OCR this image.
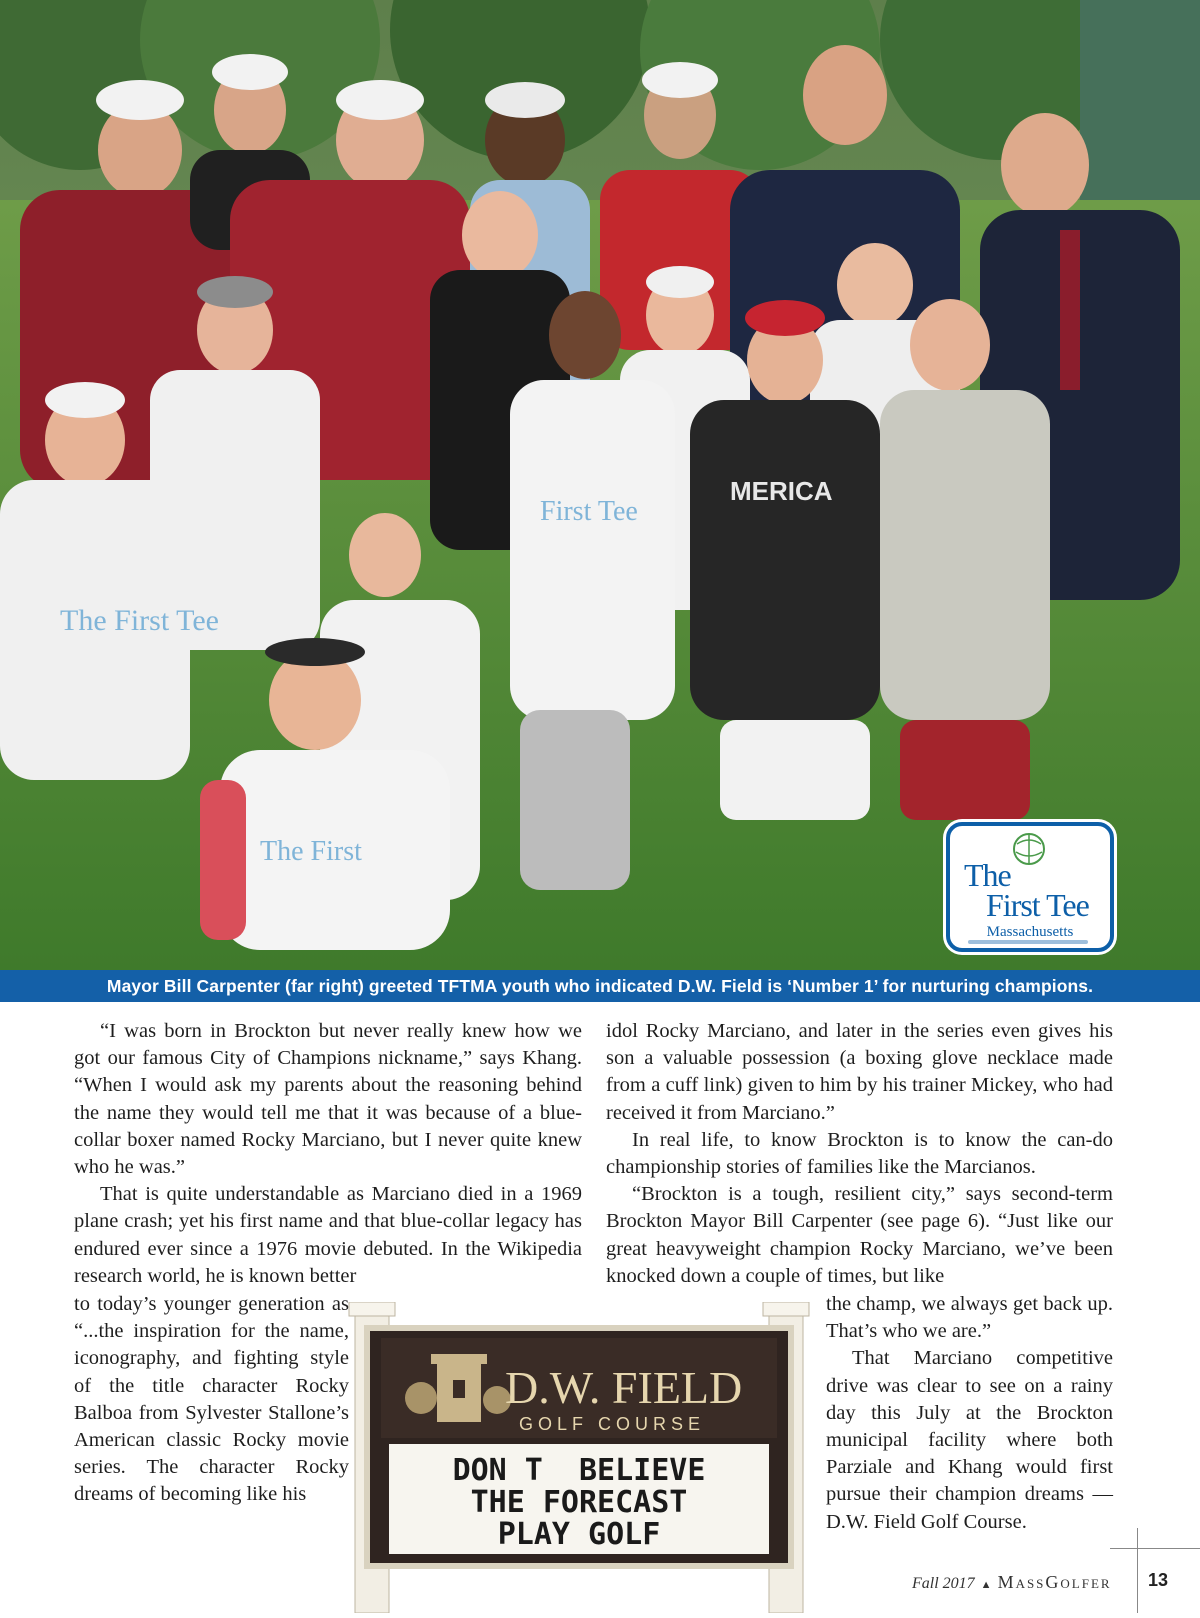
The First Tee
First Tee
The First
MERICA
The
First Tee
Massachusetts
Mayor Bill Carpenter (far right) greeted TFTMA youth who indicated D.W. Field is ‘Number 1’ for nurturing champions.

“I was born in Brockton but never really knew how we got our famous City of Champions nickname,” says Khang. “When I would ask my parents about the reasoning behind the name they would tell me that it was because of a blue-collar boxer named Rocky Marciano, but I never quite knew who he was.”

That is quite understandable as Marciano died in a 1969 plane crash; yet his first name and that blue-collar legacy has endured ever since a 1976 movie debuted. In the Wikipedia research world, he is known better

to today’s younger generation as “...the inspiration for the name, iconography, and fighting style of the title character Rocky Balboa from Sylvester Stallone’s American classic Rocky movie series. The character Rocky dreams of becoming like his

idol Rocky Marciano, and later in the series even gives his son a valuable possession (a boxing glove necklace made from a cuff link) given to him by his trainer Mickey, who had received it from Marciano.”

In real life, to know Brockton is to know the can-do championship stories of families like the Marcianos.

“Brockton is a tough, resilient city,” says second-term Brockton Mayor Bill Carpenter (see page 6). “Just like our great heavyweight champion Rocky Marciano, we’ve been knocked down a couple of times, but like

the champ, we always get back up. That’s who we are.”

That Marciano competitive drive was clear to see on a rainy day this July at the Brockton municipal facility where both Parziale and Khang would first pursue their champion dreams — D.W. Field Golf Course.

D.W. FIELD
GOLF COURSE
DON T  BELIEVE
THE FORECAST
PLAY GOLF
Fall 2017 ▲ MassGolfer 13
